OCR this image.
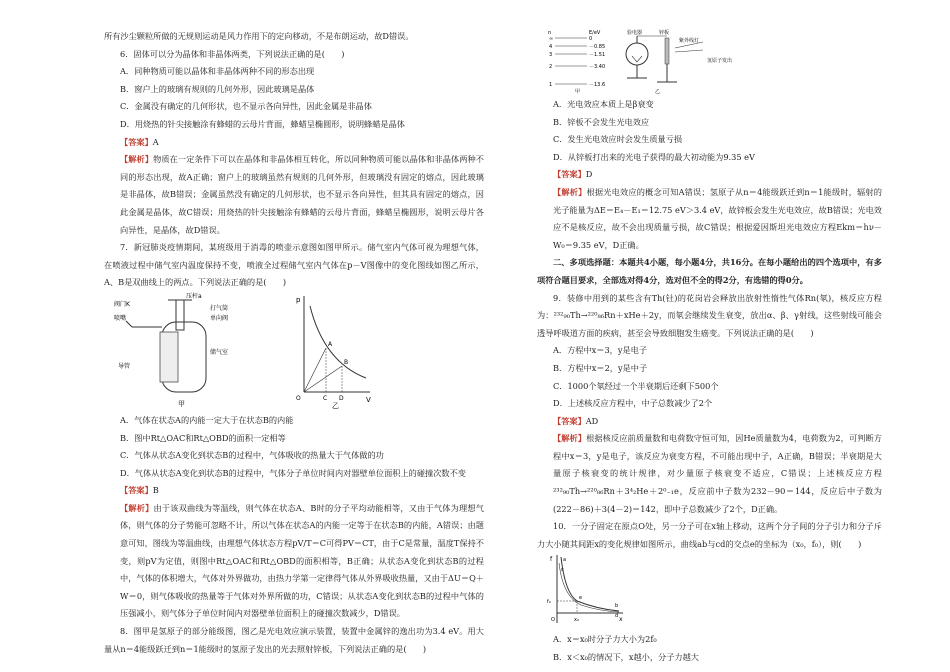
所有沙尘颗粒所做的无规则运动是风力作用下的定向移动，不是布朗运动，故D错误。

6．固体可以分为晶体和非晶体两类，下列说法正确的是(　　)

A．同种物质可能以晶体和非晶体两种不同的形态出现

B．窗户上的玻璃有规则的几何外形，因此玻璃是晶体

C．金属没有确定的几何形状，也不显示各向异性，因此金属是非晶体

D．用烧热的针尖接触涂有蜂蜡的云母片背面，蜂蜡呈椭圆形，说明蜂蜡是晶体

【答案】A

【解析】物质在一定条件下可以在晶体和非晶体相互转化，所以同种物质可能以晶体和非晶体两种不同的形态出现，故A正确；窗户上的玻璃虽然有规则的几何外形，但玻璃没有固定的熔点，因此玻璃是非晶体，故B错误；金属虽然没有确定的几何形状，也不显示各向异性，但其具有固定的熔点，因此金属是晶体，故C错误；用烧热的针尖接触涂有蜂蜡的云母片背面，蜂蜡呈椭圆形，说明云母片各向异性，是晶体，故D错误。

7．新冠肺炎疫情期间，某班级用于消毒的喷壶示意图如图甲所示。储气室内气体可视为理想气体，在喷液过程中储气室内温度保持不变，喷液全过程储气室内气体在p－V图像中的变化图线如图乙所示，A、B是双曲线上的两点。下列说法正确的是(　　)

阀门K
喷嘴
压杆a
打气筒
单向阀
导管
储气室
甲
p
V
A
B
C D
O
乙

A．气体在状态A的内能一定大于在状态B的内能

B．图中Rt△OAC和Rt△OBD的面积一定相等

C．气体从状态A变化到状态B的过程中，气体吸收的热量大于气体做的功

D．气体从状态A变化到状态B的过程中，气体分子单位时间内对器壁单位面积上的碰撞次数不变

【答案】B

【解析】由于该双曲线为等温线，则气体在状态A、B时的分子平均动能相等，又由于气体为理想气体，则气体的分子势能可忽略不计，所以气体在状态A的内能一定等于在状态B的内能，A错误；由题意可知，图线为等温曲线，由理想气体状态方程pV/T＝C可得PV＝CT，由于C是常量，温度T保持不变，则pV为定值，则图中Rt△OAC和Rt△OBD的面积相等，B正确；从状态A变化到状态B的过程中，气体的体积增大，气体对外界做功，由热力学第一定律得气体从外界吸收热量，又由于ΔU＝Q＋W＝0，则气体吸收的热量等于气体对外界所做的功，C错误；从状态A变化到状态B的过程中气体的压强减小，则气体分子单位时间内对器壁单位面积上的碰撞次数减少，D错误。

8．图甲是氢原子的部分能级图，图乙是光电效应演示装置，装置中金属锌的逸出功为3.4 eV。用大量从n＝4能级跃迁到n＝1能级时的氢原子发出的光去照射锌板，下列说法正确的是(　　)

n	E/eV
∞	0
4	－0.85
3	－1.51
2	－3.40
1	－13.6
甲
验电器	锌板
紫外线灯
氢原子发出
乙

A．光电效应本质上是β衰变

B．锌板不会发生光电效应

C．发生光电效应时会发生质量亏损

D．从锌板打出来的光电子获得的最大初动能为9.35 eV

【答案】D

【解析】根据光电效应的概念可知A错误；氢原子从n＝4能级跃迁到n＝1能级时，辐射的光子能量为ΔE＝E₄－E₁＝12.75 eV＞3.4 eV，故锌板会发生光电效应，故B错误；光电效应不是核反应，故不会出现质量亏损，故C错误；根据爱因斯坦光电效应方程Ekm＝hν－W₀＝9.35 eV，D正确。

二、多项选择题：本题共4小题，每小题4分，共16分。在每小题给出的四个选项中，有多项符合题目要求，全部选对得4分，选对但不全的得2分，有选错的得0分。

9．装修中用到的某些含有Th(钍)的花岗岩会释放出放射性惰性气体Rn(氡)，核反应方程为：²³²₉₀Th→²²⁰₈₆Rn＋xHe＋2y，而氡会继续发生衰变，放出α、β、γ射线，这些射线可能会透导呼吸道方面的疾病，甚至会导致细胞发生癌变。下列说法正确的是(　　)

A．方程中x＝3，y是电子

B．方程中x＝2，y是中子

C．1000个氡经过一个半衰期后还剩下500个

D．上述核反应方程中，中子总数减少了2个

【答案】AD

【解析】根据核反应前质量数和电荷数守恒可知，因He质量数为4，电荷数为2，可判断方程中x＝3，y是电子，该反应为衰变方程，不可能出现中子，A正确，B错误；半衰期是大量原子核衰变的统计规律，对少量原子核衰变不适应，C错误；上述核反应方程²³²₉₀Th→²²⁰₈₆Rn＋3⁴₂He＋2⁰₋₁e，反应前中子数为232－90＝144，反应后中子数为(222－86)＋3(4－2)＝142，即中子总数减少了2个，D正确。

10．一分子固定在原点O处，另一分子可在x轴上移动，这两个分子间的分子引力和分子斥力大小随其间距x的变化规律如图所示，曲线ab与cd的交点e的坐标为（x₀，f₀），则(　　)

f
x
f₀
x₀
O
a
b
c
d
e

A．x＝x₀时分子力大小为2f₀

B．x＜x₀的情况下，x越小，分子力越大
